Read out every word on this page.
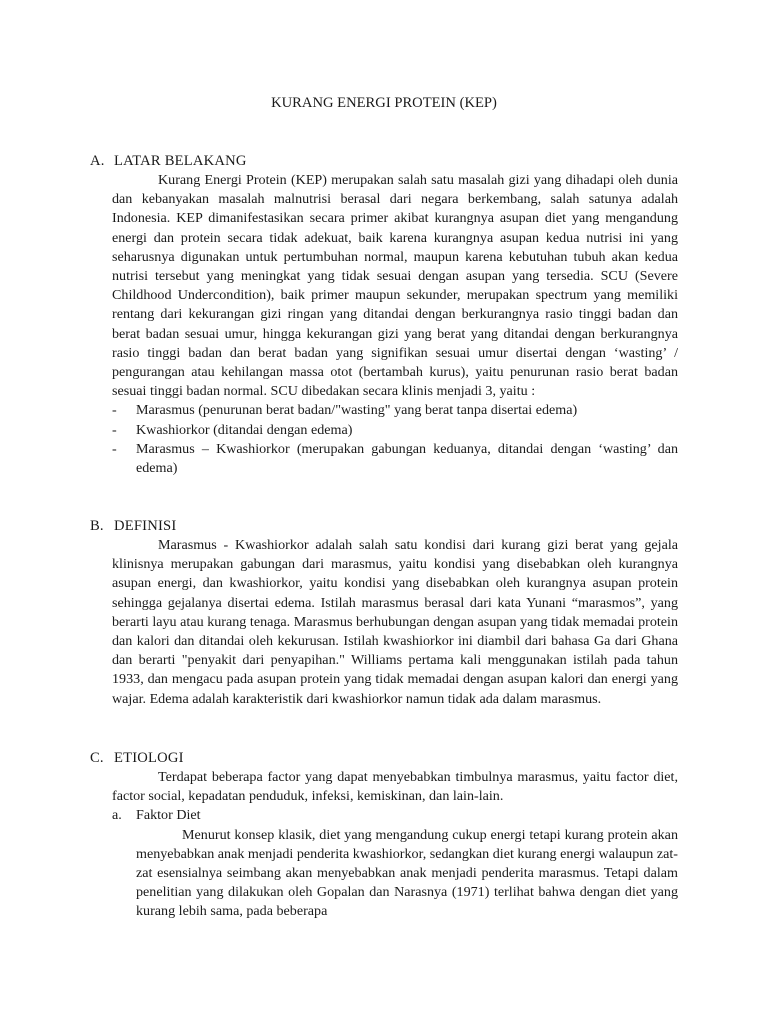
KURANG ENERGI PROTEIN (KEP)
A. LATAR BELAKANG
Kurang Energi Protein (KEP) merupakan salah satu masalah gizi yang dihadapi oleh dunia dan kebanyakan masalah malnutrisi berasal dari negara berkembang, salah satunya adalah Indonesia. KEP dimanifestasikan secara primer akibat kurangnya asupan diet yang mengandung energi dan protein secara tidak adekuat, baik karena kurangnya asupan kedua nutrisi ini yang seharusnya digunakan untuk pertumbuhan normal, maupun karena kebutuhan tubuh akan kedua nutrisi tersebut yang meningkat yang tidak sesuai dengan asupan yang tersedia. SCU (Severe Childhood Undercondition), baik primer maupun sekunder, merupakan spectrum yang memiliki rentang dari kekurangan gizi ringan yang ditandai dengan berkurangnya rasio tinggi badan dan berat badan sesuai umur, hingga kekurangan gizi yang berat yang ditandai dengan berkurangnya rasio tinggi badan dan berat badan yang signifikan sesuai umur disertai dengan ‘wasting’ / pengurangan atau kehilangan massa otot (bertambah kurus), yaitu penurunan rasio berat badan sesuai tinggi badan normal. SCU dibedakan secara klinis menjadi 3, yaitu :
- Marasmus (penurunan berat badan/"wasting" yang berat tanpa disertai edema)
- Kwashiorkor (ditandai dengan edema)
- Marasmus – Kwashiorkor (merupakan gabungan keduanya, ditandai dengan ‘wasting’ dan edema)
B. DEFINISI
Marasmus - Kwashiorkor adalah salah satu kondisi dari kurang gizi berat yang gejala klinisnya merupakan gabungan dari marasmus, yaitu kondisi yang disebabkan oleh kurangnya asupan energi, dan kwashiorkor, yaitu kondisi yang disebabkan oleh kurangnya asupan protein sehingga gejalanya disertai edema. Istilah marasmus berasal dari kata Yunani “marasmos”, yang berarti layu atau kurang tenaga. Marasmus berhubungan dengan asupan yang tidak memadai protein dan kalori dan ditandai oleh kekurusan. Istilah kwashiorkor ini diambil dari bahasa Ga dari Ghana dan berarti "penyakit dari penyapihan." Williams pertama kali menggunakan istilah pada tahun 1933, dan mengacu pada asupan protein yang tidak memadai dengan asupan kalori dan energi yang wajar. Edema adalah karakteristik dari kwashiorkor namun tidak ada dalam marasmus.
C. ETIOLOGI
Terdapat beberapa factor yang dapat menyebabkan timbulnya marasmus, yaitu factor diet, factor social, kepadatan penduduk, infeksi, kemiskinan, dan lain-lain.
a. Faktor Diet
Menurut konsep klasik, diet yang mengandung cukup energi tetapi kurang protein akan menyebabkan anak menjadi penderita kwashiorkor, sedangkan diet kurang energi walaupun zat-zat esensialnya seimbang akan menyebabkan anak menjadi penderita marasmus. Tetapi dalam penelitian yang dilakukan oleh Gopalan dan Narasnya (1971) terlihat bahwa dengan diet yang kurang lebih sama, pada beberapa
